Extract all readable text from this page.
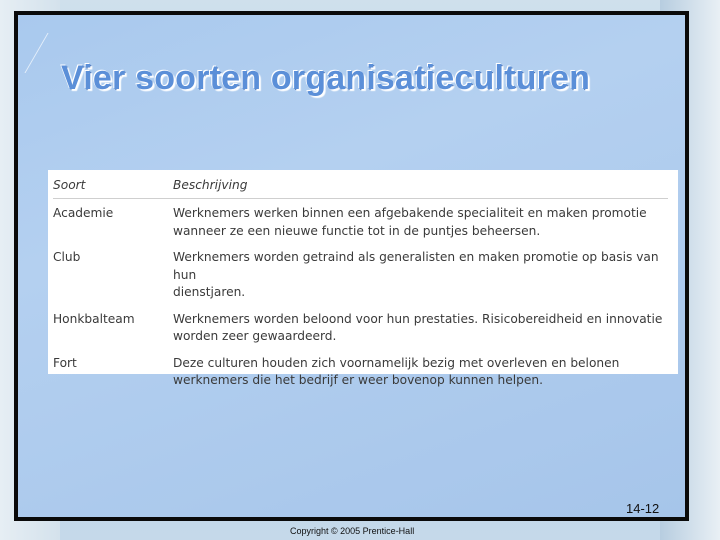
Vier soorten organisatieculturen
Soort	Beschrijving
Academie	Werknemers werken binnen een afgebakende specialiteit en maken promotie
wanneer ze een nieuwe functie tot in de puntjes beheersen.
Club	Werknemers worden getraind als generalisten en maken promotie op basis van hun
dienstjaren.
Honkbalteam	Werknemers worden beloond voor hun prestaties. Risicobereidheid en innovatie
worden zeer gewaardeerd.
Fort	Deze culturen houden zich voornamelijk bezig met overleven en belonen
werknemers die het bedrijf er weer bovenop kunnen helpen.
14-12
Copyright © 2005 Prentice-Hall
